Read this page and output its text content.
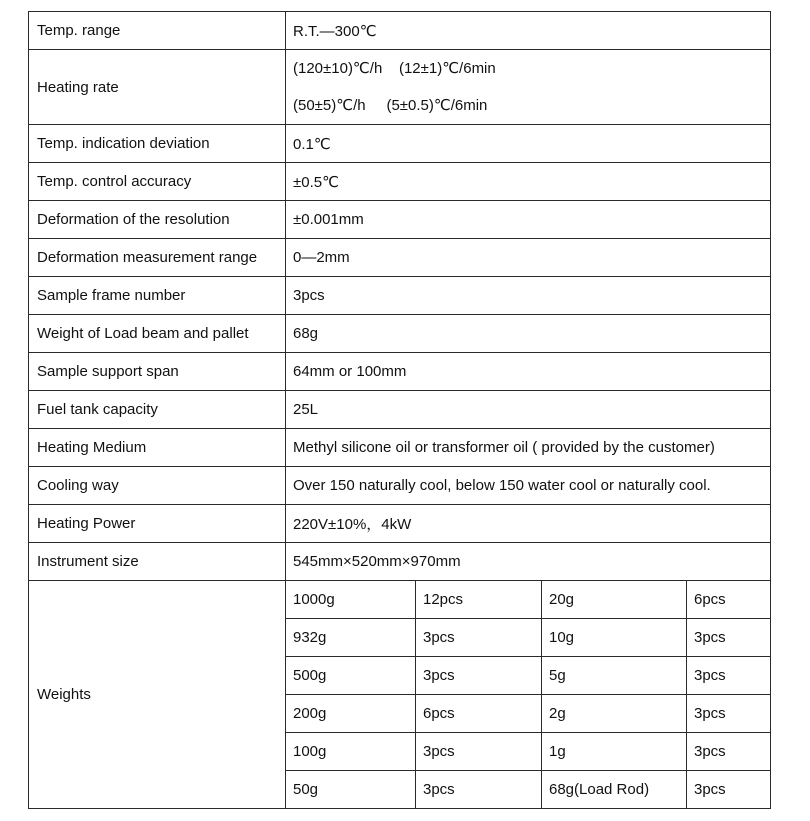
Temp. range	R.T.—300℃			
Heating rate	(120±10)℃/h    (12±1)℃/6min
(50±5)℃/h     (5±0.5)℃/6min			

Temp. indication deviation	0.1℃			
Temp. control accuracy	±0.5℃			
Deformation of the resolution	±0.001mm			
Deformation measurement range	0—2mm			
Sample frame number	3pcs			
Weight of Load beam and pallet	68g			
Sample support span	64mm or 100mm			
Fuel tank capacity	25L			
Heating Medium	Methyl silicone oil or transformer oil ( provided by the customer)			
Cooling way	Over 150 naturally cool, below 150 water cool or naturally cool.			
Heating Power	220V±10%，4kW			
Instrument size	545mm×520mm×970mm			
Weights	1000g	12pcs	20g	6pcs
	932g	3pcs	10g	3pcs
	500g	3pcs	5g	3pcs
	200g	6pcs	2g	3pcs
	100g	3pcs	1g	3pcs
	50g	3pcs	68g(Load Rod)	3pcs
